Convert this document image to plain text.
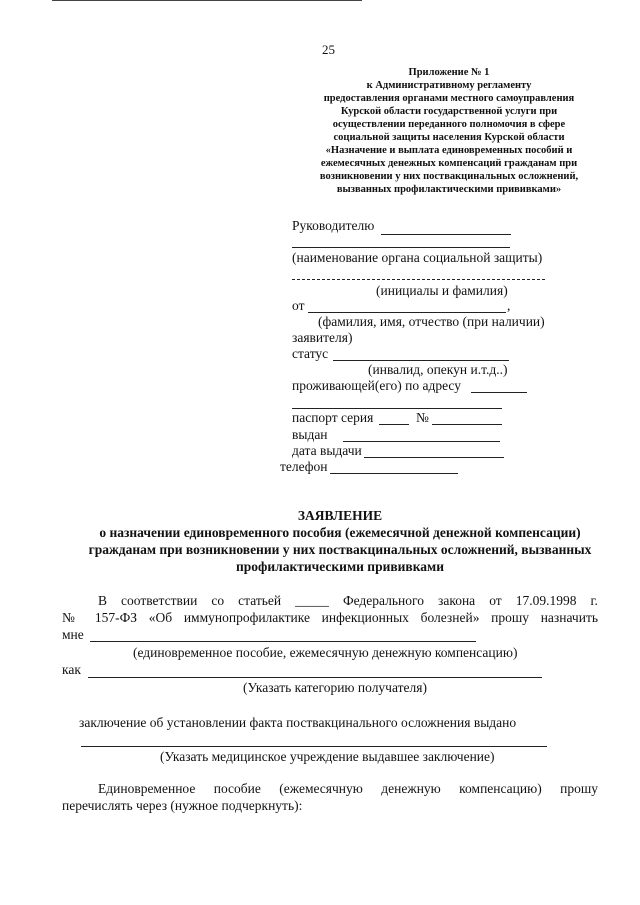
25
Приложение № 1
к Административному регламенту
предоставления органами местного самоуправления
Курской области государственной услуги при
осуществлении переданного полномочия в сфере
социальной защиты населения Курской области
«Назначение и выплата единовременных пособий и
ежемесячных денежных компенсаций гражданам при
возникновении у них поствакцинальных осложнений,
вызванных профилактическими прививками»
Руководителю
(наименование органа социальной защиты)
(инициалы и фамилия)
от	,
(фамилия, имя, отчество (при наличии)
заявителя)
статус
(инвалид, опекун и.т.д..)
проживающей(его) по адресу
паспорт серия	№
выдан
дата выдачи
телефон
ЗАЯВЛЕНИЕ
о назначении единовременного пособия (ежемесячной денежной компенсации)
гражданам при возникновении у них поствакцинальных осложнений, вызванных
профилактическими прививками
В соответствии со статьей _____ Федерального закона от 17.09.1998 г.
№ 157-ФЗ «Об иммунопрофилактике инфекционных болезней» прошу назначить
мне
(единовременное пособие, ежемесячную денежную компенсацию)
как
(Указать категорию получателя)
заключение об установлении факта поствакцинального осложнения выдано
(Указать медицинское учреждение выдавшее заключение)
Единовременное пособие (ежемесячную денежную компенсацию) прошу
перечислять через (нужное подчеркнуть):
